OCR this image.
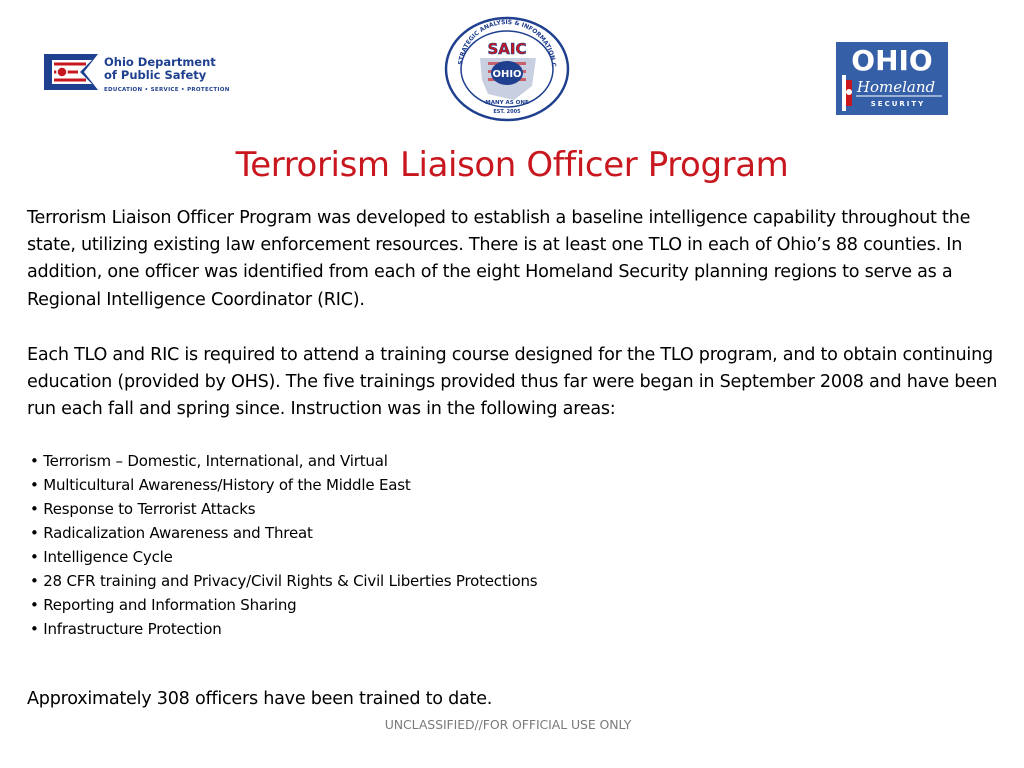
Ohio Department
of Public Safety
EDUCATION • SERVICE • PROTECTION
STRATEGIC ANALYSIS & INFORMATION C
SAIC
OHIO
MANY AS ONE
EST. 2005
OHIO
Homeland
SECURITY
Terrorism Liaison Officer Program

Terrorism Liaison Officer Program was developed to establish a baseline intelligence capability throughout the state, utilizing existing law enforcement resources. There is at least one TLO in each of Ohio’s 88 counties. In addition, one officer was identified from each of the eight Homeland Security planning regions to serve as a Regional Intelligence Coordinator (RIC).

Each TLO and RIC is required to attend a training course designed for the TLO program, and to obtain continuing education (provided by OHS). The five trainings provided thus far were began in September 2008 and have been run each fall and spring since. Instruction was in the following areas:

• Terrorism – Domestic, International, and Virtual
• Multicultural Awareness/History of the Middle East
• Response to Terrorist Attacks
• Radicalization Awareness and Threat
• Intelligence Cycle
• 28 CFR training and Privacy/Civil Rights & Civil Liberties Protections
• Reporting and Information Sharing
• Infrastructure Protection

Approximately 308 officers have been trained to date.

UNCLASSIFIED//FOR OFFICIAL USE ONLY
